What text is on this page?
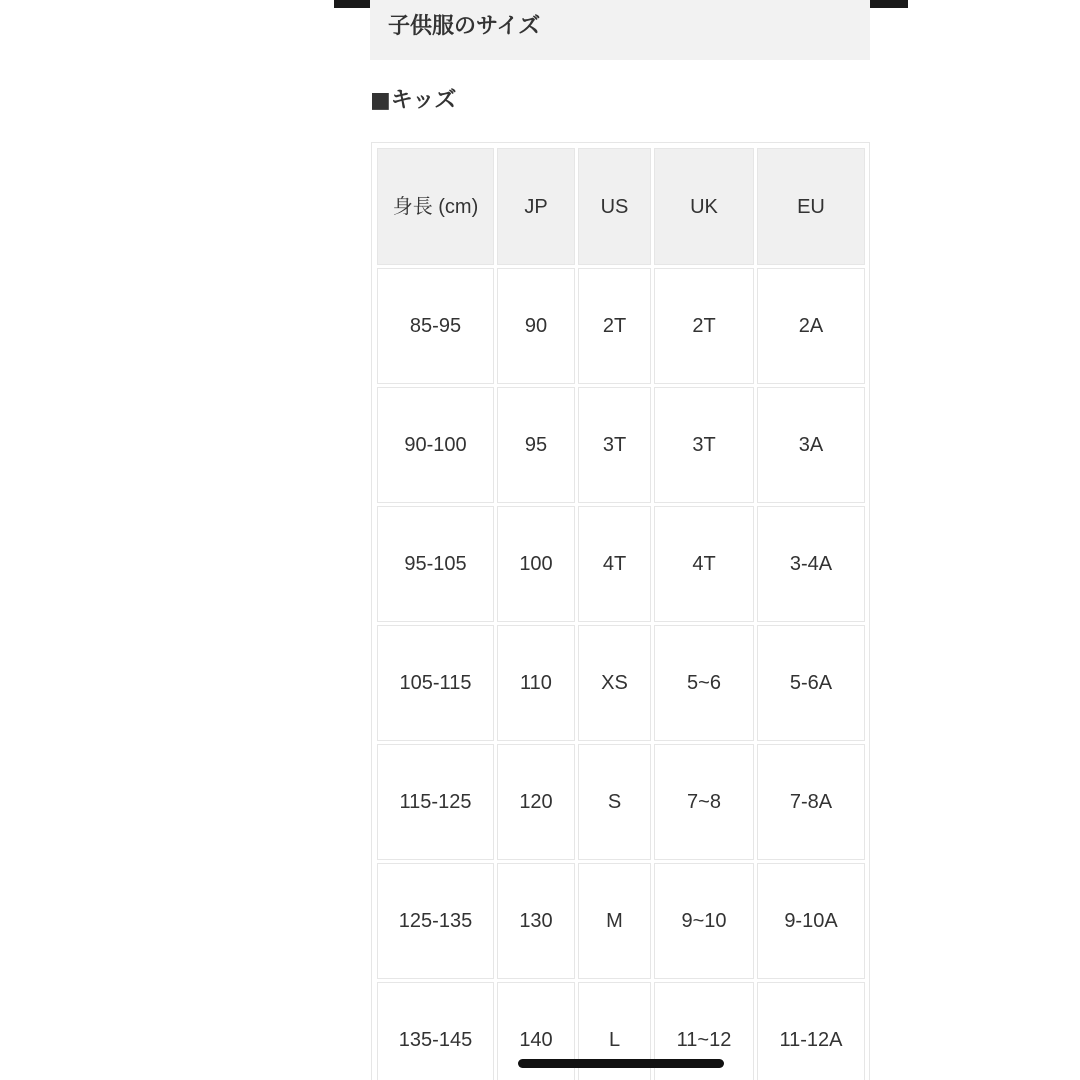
子供服のサイズ
■キッズ
身長 (cm)	JP	US	UK	EU
85-95	90	2T	2T	2A
90-100	95	3T	3T	3A
95-105	100	4T	4T	3-4A
105-115	110	XS	5~6	5-6A
115-125	120	S	7~8	7-8A
125-135	130	M	9~10	9-10A
135-145	140	L	11~12	11-12A
